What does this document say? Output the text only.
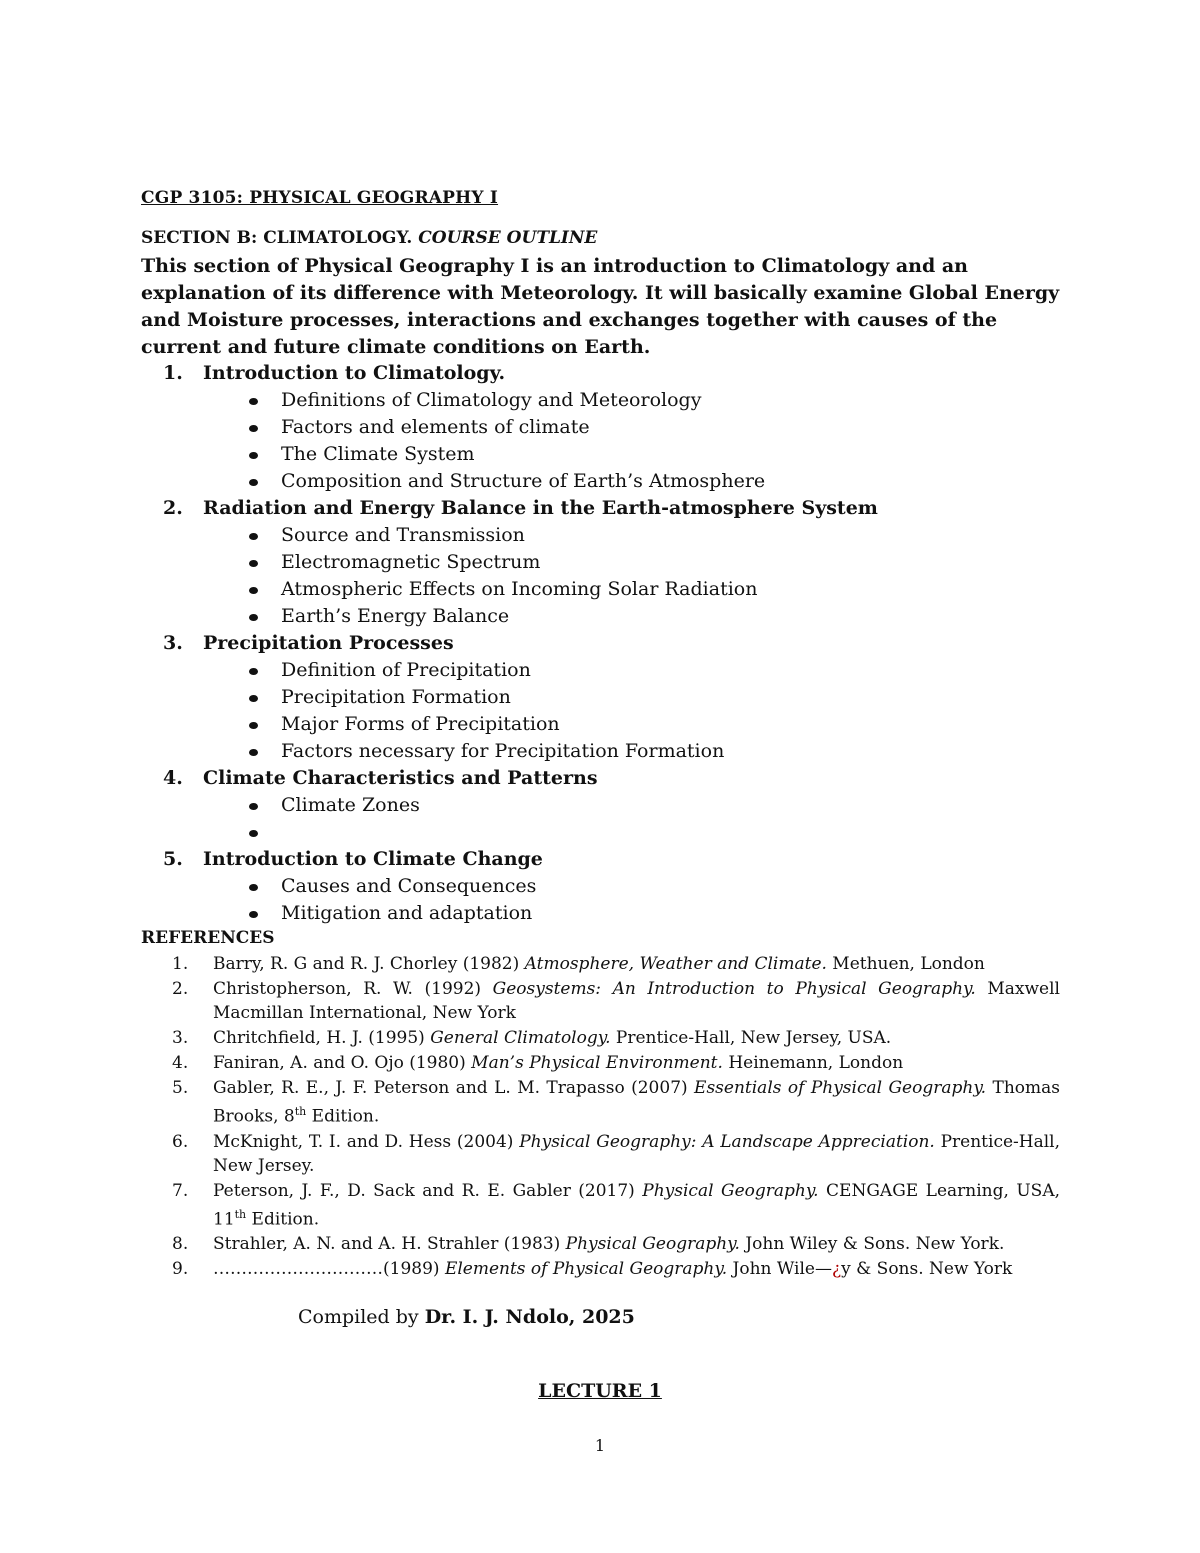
CGP 3105: PHYSICAL GEOGRAPHY I
SECTION B: CLIMATOLOGY. COURSE OUTLINE
This section of Physical Geography I is an introduction to Climatology and an explanation of its difference with Meteorology. It will basically examine Global Energy and Moisture processes, interactions and exchanges together with causes of the current and future climate conditions on Earth.
1. Introduction to Climatology.
Definitions of Climatology and Meteorology
Factors and elements of climate
The Climate System
Composition and Structure of Earth’s Atmosphere
2. Radiation and Energy Balance in the Earth-atmosphere System
Source and Transmission
Electromagnetic Spectrum
Atmospheric Effects on Incoming Solar Radiation
Earth’s Energy Balance
3. Precipitation Processes
Definition of Precipitation
Precipitation Formation
Major Forms of Precipitation
Factors necessary for Precipitation Formation
4. Climate Characteristics and Patterns
Climate Zones
5. Introduction to Climate Change
Causes and Consequences
Mitigation and adaptation
REFERENCES
1.	Barry, R. G and R. J. Chorley (1982) Atmosphere, Weather and Climate. Methuen, London
2.	Christopherson, R. W. (1992) Geosystems: An Introduction to Physical Geography. Maxwell Macmillan International, New York
3.	Chritchfield, H. J. (1995) General Climatology. Prentice-Hall, New Jersey, USA.
4.	Faniran, A. and O. Ojo (1980) Man’s Physical Environment. Heinemann, London
5.	Gabler, R. E., J. F. Peterson and L. M. Trapasso (2007) Essentials of Physical Geography. Thomas Brooks, 8th Edition.
6.	McKnight, T. I. and D. Hess (2004) Physical Geography: A Landscape Appreciation. Prentice-Hall, New Jersey.
7.	Peterson, J. F., D. Sack and R. E. Gabler (2017) Physical Geography. CENGAGE Learning, USA, 11th Edition.
8.	Strahler, A. N. and A. H. Strahler (1983) Physical Geography. John Wiley & Sons. New York.
9.	…………………………(1989) Elements of Physical Geography. John Wile—¿y & Sons. New York
Compiled by Dr. I. J. Ndolo, 2025
LECTURE 1
1
